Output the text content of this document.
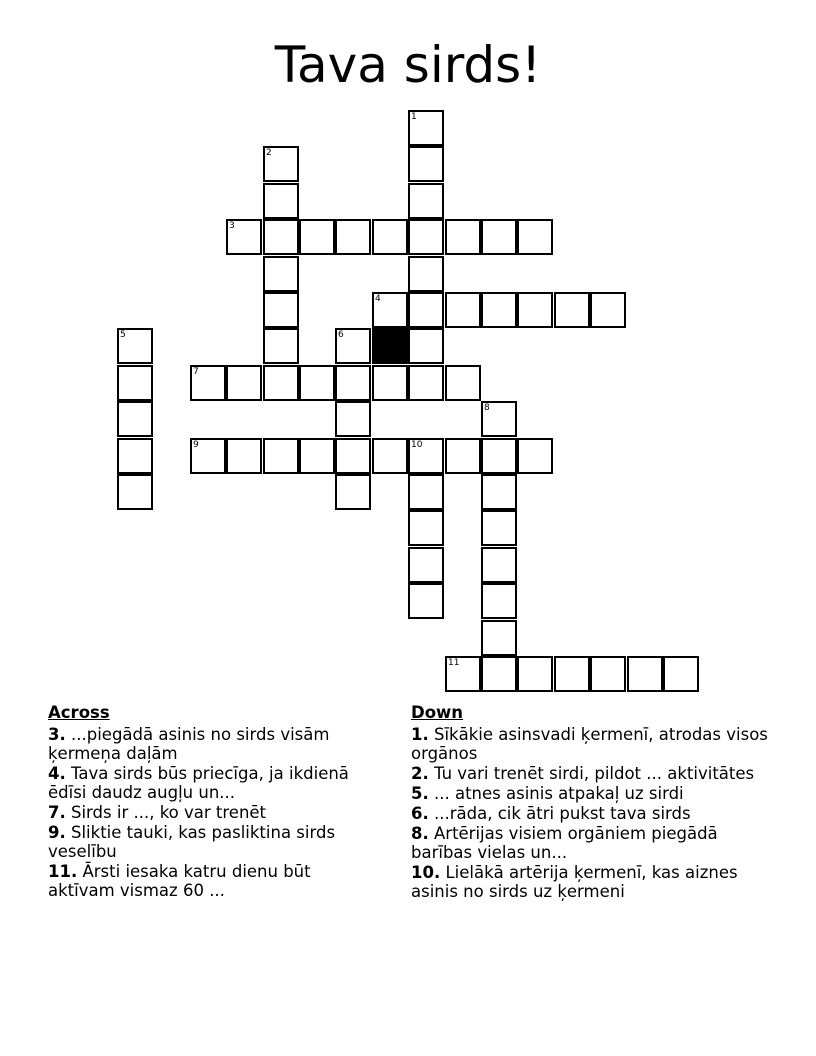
Tava sirds!
1
2
3
4
5	6
7
8
9	10
11
Across
3. ...piegādā asinis no sirds visām ķermeņa daļām
4. Tava sirds būs priecīga, ja ikdienā ēdīsi daudz augļu un...
7. Sirds ir ..., ko var trenēt
9. Sliktie tauki, kas pasliktina sirds veselību
11. Ārsti iesaka katru dienu būt aktīvam vismaz 60 ...
Down
1. Sīkākie asinsvadi ķermenī, atrodas visos orgānos
2. Tu vari trenēt sirdi, pildot ... aktivitātes
5. ... atnes asinis atpakaļ uz sirdi
6. ...rāda, cik ātri pukst tava sirds
8. Artērijas visiem orgāniem piegādā barības vielas un...
10. Lielākā artērija ķermenī, kas aiznes asinis no sirds uz ķermeni
